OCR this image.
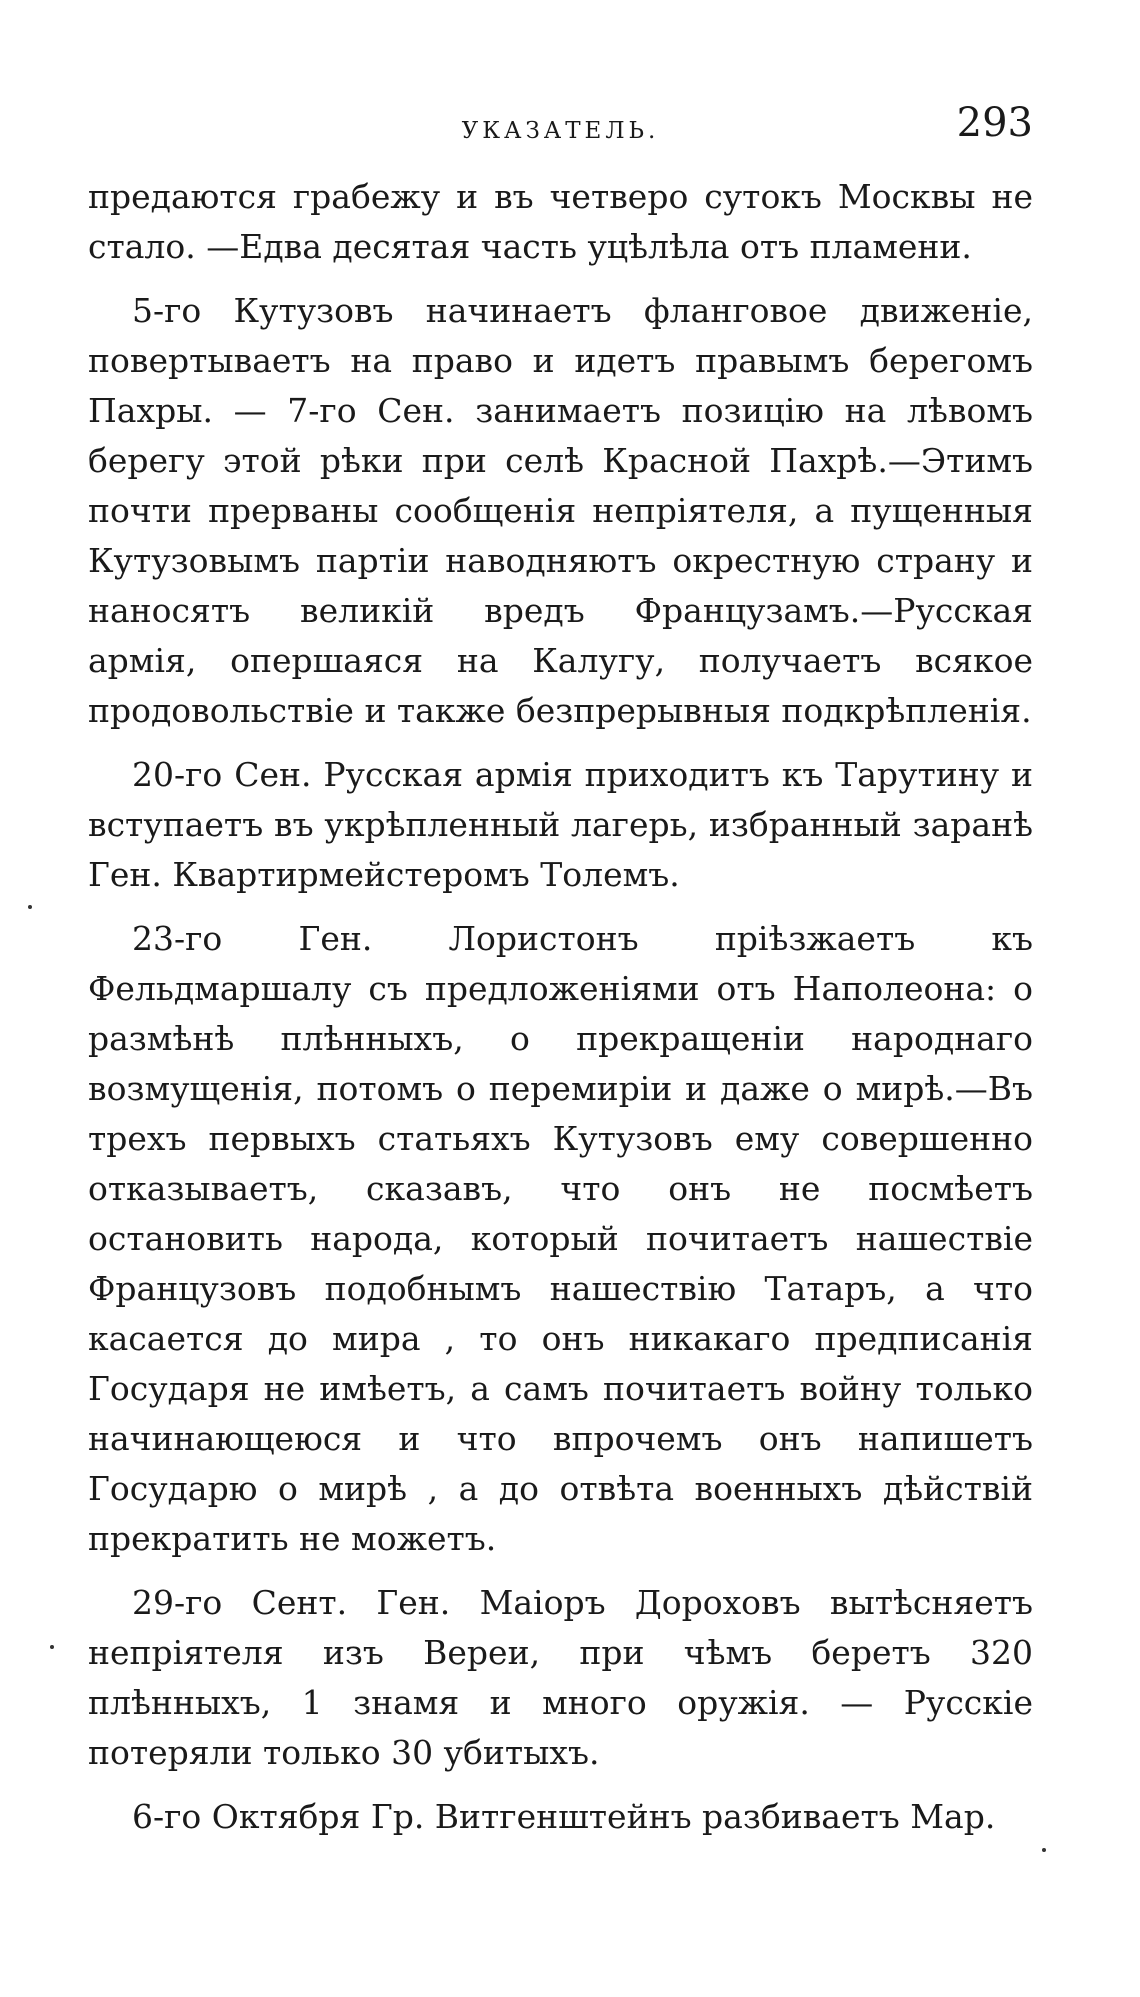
УКАЗАТЕЛЬ.	293

предаются грабежу и въ четверо сутокъ Москвы не стало. —Едва десятая часть уцѣлѣла отъ пламени.

5-го Кутузовъ начинаетъ фланговое движеніе, повертываетъ на право и идетъ правымъ берегомъ Пахры. — 7-го Сен. занимаетъ позицію на лѣвомъ берегу этой рѣки при селѣ Красной Пахрѣ.—Этимъ почти прерваны сообщенія непріятеля, а пущенныя Кутузовымъ партіи наводняютъ окрестную страну и наносятъ великій вредъ Французамъ.—Русская армія, опершаяся на Калугу, получаетъ всякое продовольствіе и также безпрерывныя подкрѣпленія.

20-го Сен. Русская армія приходитъ къ Тарутину и вступаетъ въ укрѣпленный лагерь, избранный заранѣ Ген. Квартирмейстеромъ Толемъ.

23-го Ген. Лористонъ пріѣзжаетъ къ Фельдмаршалу съ предложеніями отъ Наполеона: о размѣнѣ плѣнныхъ, о прекращеніи народнаго возмущенія, потомъ о перемиріи и даже о мирѣ.—Въ трехъ первыхъ статьяхъ Кутузовъ ему совершенно отказываетъ, сказавъ, что онъ не посмѣетъ остановить народа, который почитаетъ нашествіе Французовъ подобнымъ нашествію Татаръ, а что касается до мира , то онъ никакаго предписанія Государя не имѣетъ, а самъ почитаетъ войну только начинающеюся и что впрочемъ онъ напишетъ Государю о мирѣ , а до отвѣта военныхъ дѣйствій прекратить не можетъ.

29-го Сент. Ген. Маіоръ Дороховъ вытѣсняетъ непріятеля изъ Вереи, при чѣмъ беретъ 320 плѣнныхъ, 1 знамя и много оружія. — Русскіе потеряли только 30 убитыхъ.

6-го Октября Гр. Витгенштейнъ разбиваетъ Мар.
